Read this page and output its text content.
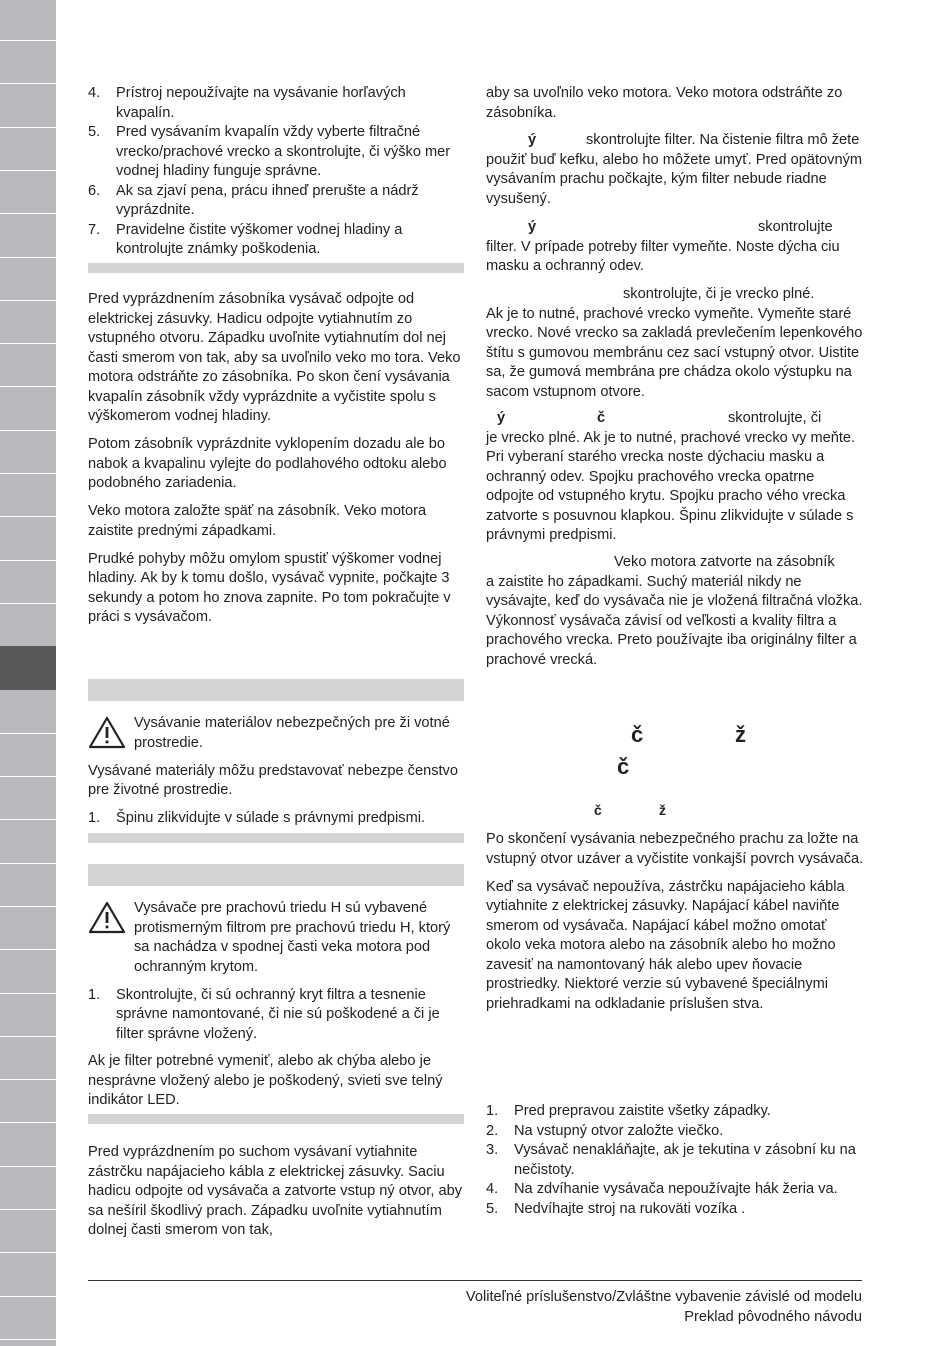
4. Prístroj nepoužívajte na vysávanie horľavých kvapalín.
5. Pred vysávaním kvapalín vždy vyberte filtračné vrecko/prachové vrecko a skontrolujte, či výško mer vodnej hladiny funguje správne.
6. Ak sa zjaví pena, prácu ihneď prerušte a nádrž vyprázdnite.
7. Pravidelne čistite výškomer vodnej hladiny a kontrolujte známky poškodenia.

Pred vyprázdnením zásobníka vysávač odpojte od elektrickej zásuvky. Hadicu odpojte vytiahnutím zo vstupného otvoru. Západku uvoľnite vytiahnutím dol nej časti smerom von tak, aby sa uvoľnilo veko mo tora. Veko motora odstráňte zo zásobníka. Po skon čení vysávania kvapalín zásobník vždy vyprázdnite a vyčistite spolu s výškomerom vodnej hladiny.

Potom zásobník vyprázdnite vyklopením dozadu ale bo nabok a kvapalinu vylejte do podlahového odtoku alebo podobného zariadenia.

Veko motora založte späť na zásobník. Veko motora zaistite prednými západkami.

Prudké pohyby môžu omylom spustiť výškomer vodnej hladiny. Ak by k tomu došlo, vysávač vypnite, počkajte 3 sekundy a potom ho znova zapnite. Po tom pokračujte v práci s vysávačom.

Vysávanie materiálov nebezpečných pre ži votné prostredie.

Vysávané materiály môžu predstavovať nebezpe čenstvo pre životné prostredie.

1. Špinu zlikvidujte v súlade s právnymi predpismi.

Vysávače pre prachovú triedu H sú vybavené protismerným filtrom pre prachovú triedu H, ktorý sa nachádza v spodnej časti veka motora pod ochranným krytom.

1. Skontrolujte, či sú ochranný kryt filtra a tesnenie správne namontované, či nie sú poškodené a či je filter správne vložený.

Ak je filter potrebné vymeniť, alebo ak chýba alebo je nesprávne vložený alebo je poškodený, svieti sve telný indikátor LED.

Pred vyprázdnením po suchom vysávaní vytiahnite zástrčku napájacieho kábla z elektrickej zásuvky. Saciu hadicu odpojte od vysávača a zatvorte vstup ný otvor, aby sa nešíril škodlivý prach. Západku uvoľnite vytiahnutím dolnej časti smerom von tak,

aby sa uvoľnilo veko motora. Veko motora odstráňte zo zásobníka.

ý	skontrolujte filter. Na čistenie filtra mô žete použiť buď kefku, alebo ho môžete umyť. Pred opätovným vysávaním prachu počkajte, kým filter nebude riadne vysušený.

ý	skontrolujte

filter. V prípade potreby filter vymeňte. Noste dýcha ciu masku a ochranný odev.

skontrolujte, či je vrecko plné.

Ak je to nutné, prachové vrecko vymeňte. Vymeňte staré vrecko. Nové vrecko sa zakladá prevlečením lepenkového štítu s gumovou membránu cez sací vstupný otvor. Uistite sa, že gumová membrána pre chádza okolo výstupku na sacom vstupnom otvore.

ý	č	skontrolujte, či

je vrecko plné. Ak je to nutné, prachové vrecko vy meňte. Pri vyberaní starého vrecka noste dýchaciu masku a ochranný odev. Spojku prachového vrecka opatrne odpojte od vstupného krytu. Spojku pracho vého vrecka zatvorte s posuvnou klapkou. Špinu zlikvidujte v súlade s právnymi predpismi.

Veko motora zatvorte na zásobník

a zaistite ho západkami. Suchý materiál nikdy ne vysávajte, keď do vysávača nie je vložená filtračná vložka. Výkonnosť vysávača závisí od veľkosti a kvality filtra a prachového vrecka. Preto používajte iba originálny filter a prachové vrecká.

č	ž
č
č	ž

Po skončení vysávania nebezpečného prachu za ložte na vstupný otvor uzáver a vyčistite vonkajší povrch vysávača.

Keď sa vysávač nepoužíva, zástrčku napájacieho kábla vytiahnite z elektrickej zásuvky. Napájací kábel naviňte smerom od vysávača. Napájací kábel možno omotať okolo veka motora alebo na zásobník alebo ho možno zavesiť na namontovaný hák alebo upev ňovacie prostriedky. Niektoré verzie sú vybavené špeciálnymi priehradkami na odkladanie príslušen stva.

1. Pred prepravou zaistite všetky západky.
2. Na vstupný otvor založte viečko.
3. Vysávač nenakláňajte, ak je tekutina v zásobní ku na nečistoty.
4. Na zdvíhanie vysávača nepoužívajte hák žeria va.
5. Nedvíhajte stroj na rukoväti vozíka .
Voliteľné príslušenstvo/Zvláštne vybavenie závislé od modelu
Preklad pôvodného návodu
